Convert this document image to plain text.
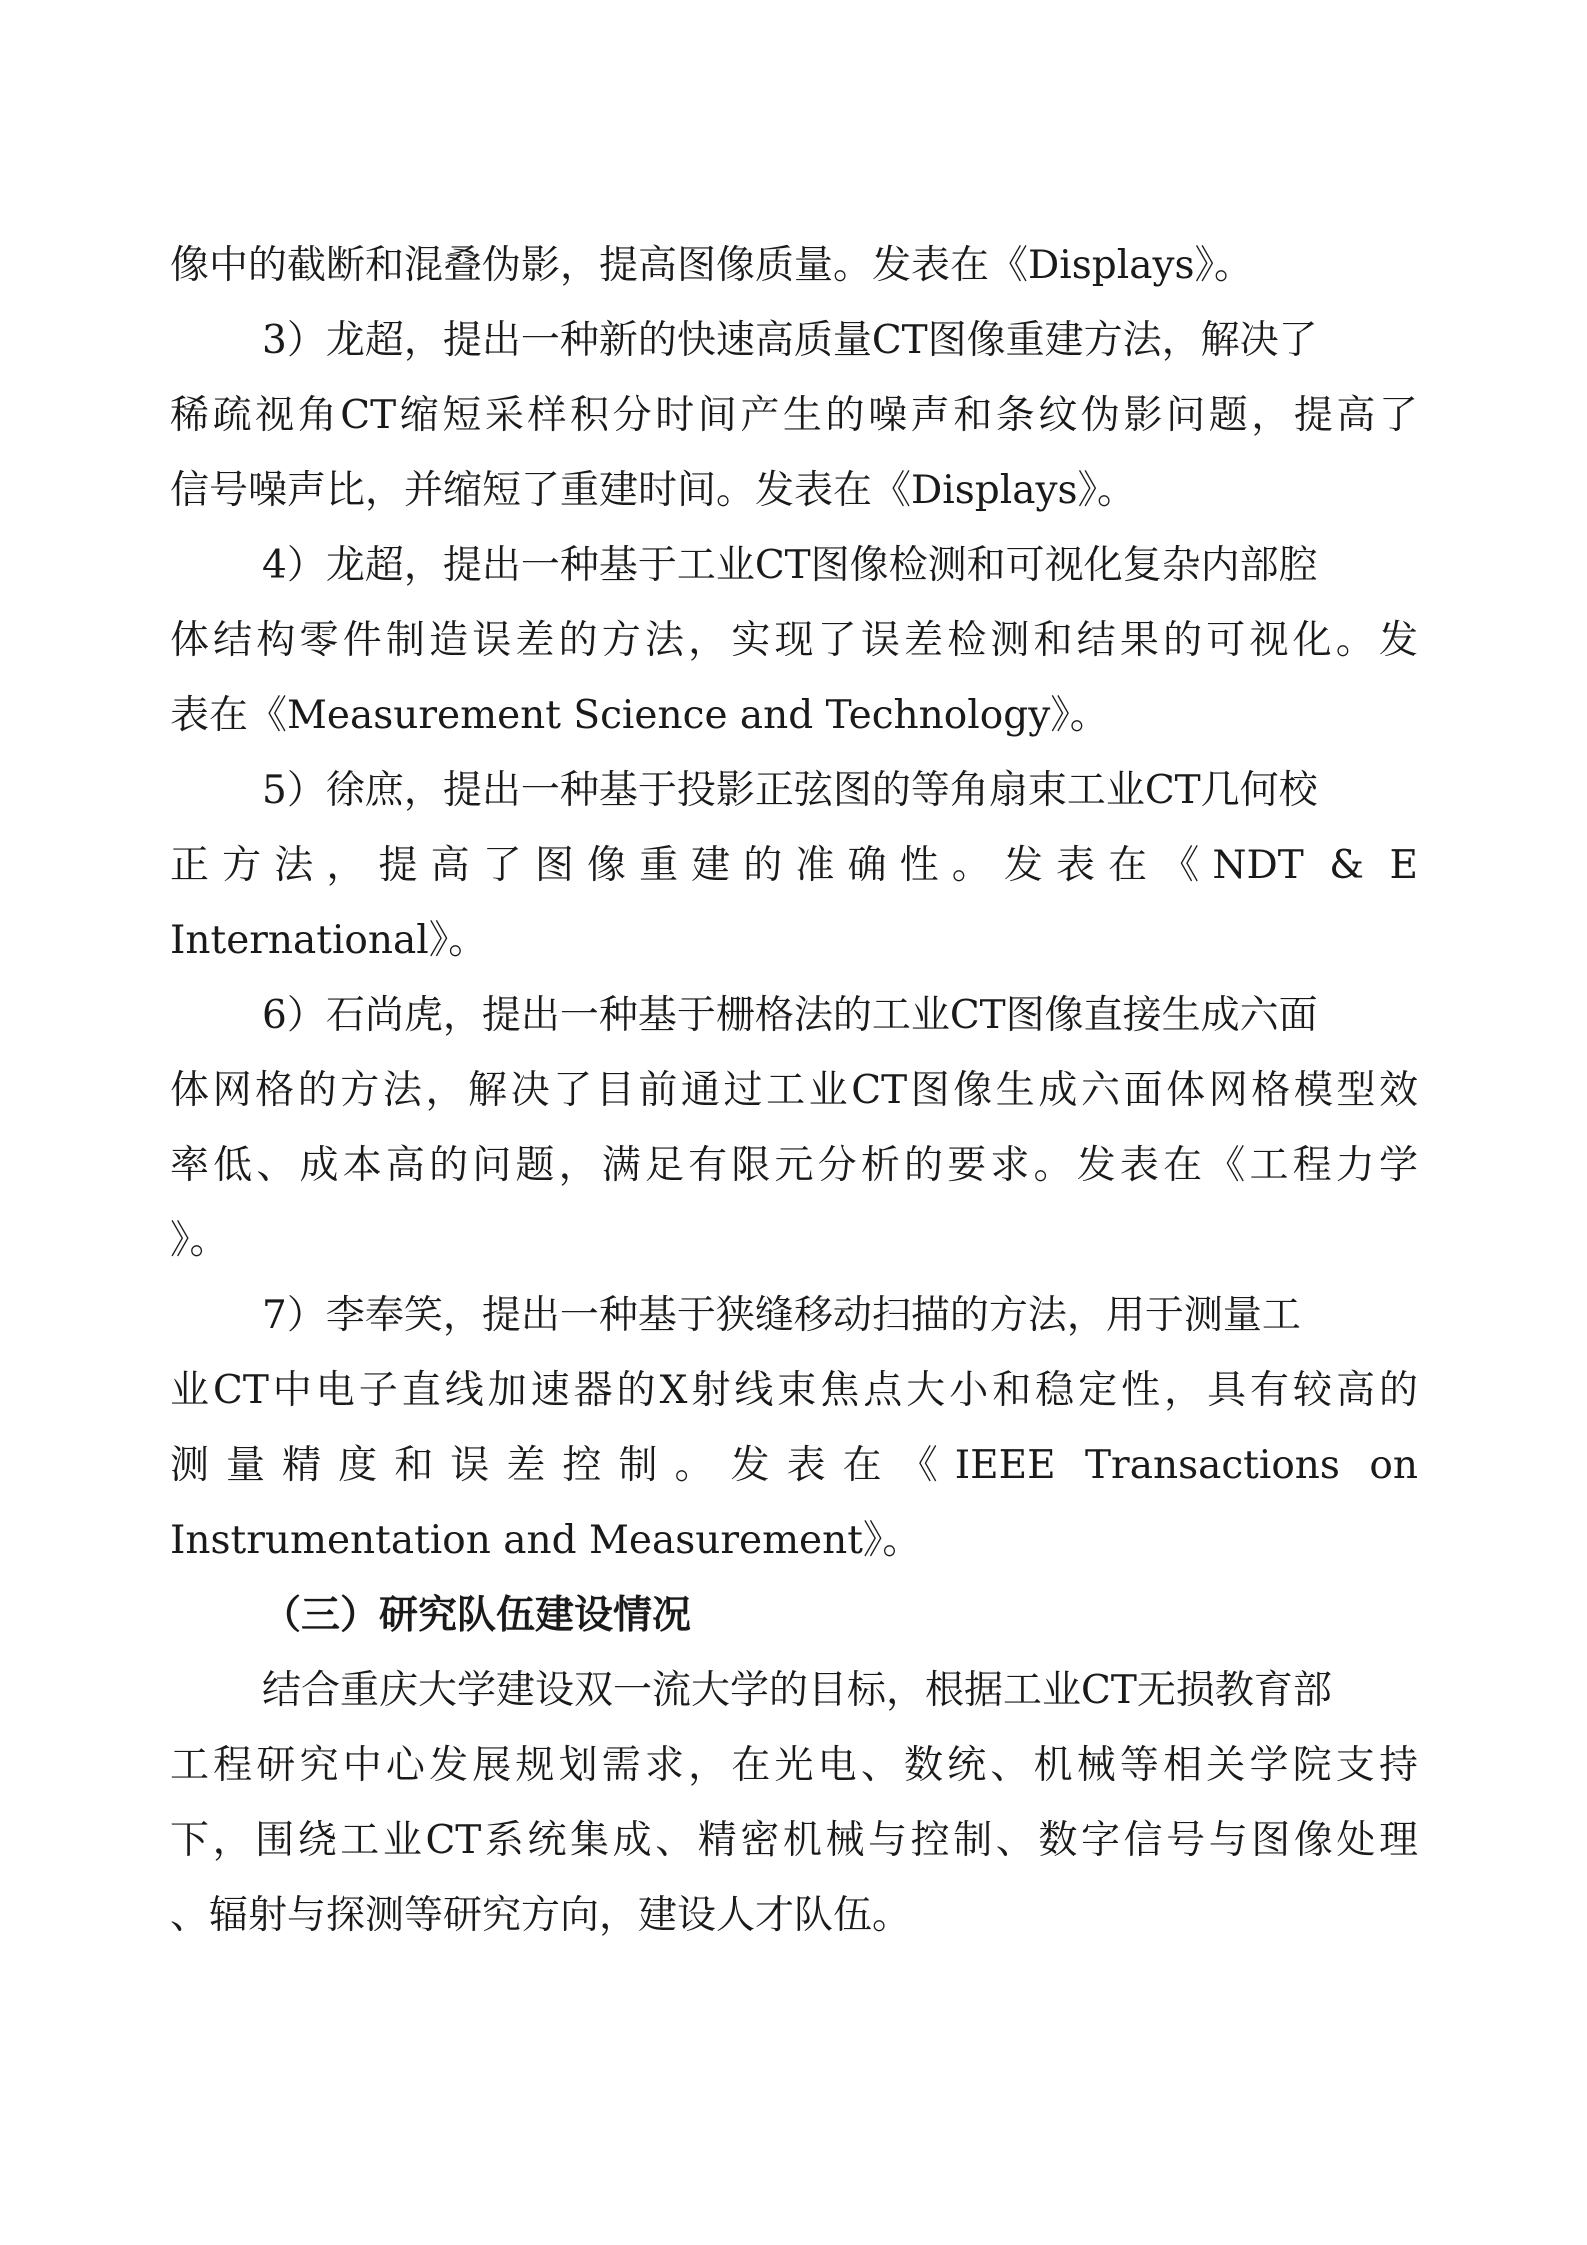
像中的截断和混叠伪影，提高图像质量。发表在《Displays》。
3）龙超，提出一种新的快速高质量CT图像重建方法，解决了
稀疏视角CT缩短采样积分时间产生的噪声和条纹伪影问题，提高了
信号噪声比，并缩短了重建时间。发表在《Displays》。
4）龙超，提出一种基于工业CT图像检测和可视化复杂内部腔
体结构零件制造误差的方法，实现了误差检测和结果的可视化。发
表在《Measurement Science and Technology》。
5）徐庶，提出一种基于投影正弦图的等角扇束工业CT几何校
正方法，提高了图像重建的准确性。发表在《NDT & E
International》。
6）石尚虎，提出一种基于栅格法的工业CT图像直接生成六面
体网格的方法，解决了目前通过工业CT图像生成六面体网格模型效
率低、成本高的问题，满足有限元分析的要求。发表在《工程力学
》。
7）李奉笑，提出一种基于狭缝移动扫描的方法，用于测量工
业CT中电子直线加速器的X射线束焦点大小和稳定性，具有较高的
测量精度和误差控制。发表在《IEEE Transactions on
Instrumentation and Measurement》。
（三）研究队伍建设情况
结合重庆大学建设双一流大学的目标，根据工业CT无损教育部
工程研究中心发展规划需求，在光电、数统、机械等相关学院支持
下，围绕工业CT系统集成、精密机械与控制、数字信号与图像处理
、辐射与探测等研究方向，建设人才队伍。
